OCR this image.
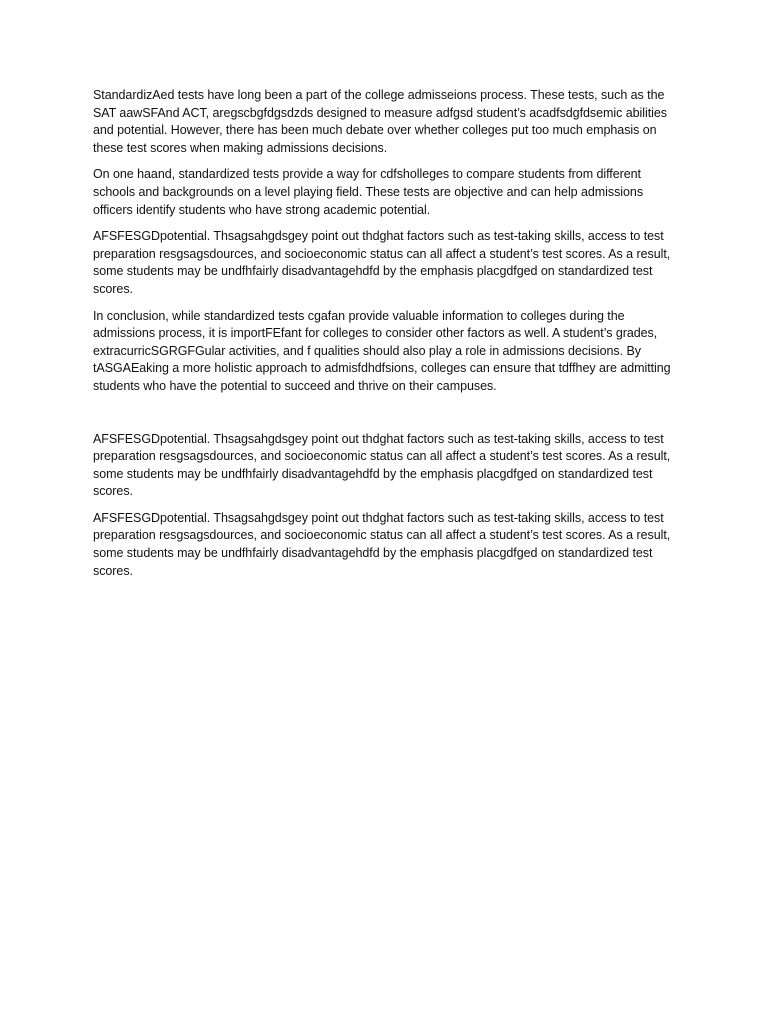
StandardizAed tests have long been a part of the college admisseions process. These tests, such as the SAT aawSFAnd ACT, aregscbgfdgsdzds designed to measure adfgsd student’s acadfsdgfdsemic abilities and potential. However, there has been much debate over whether colleges put too much emphasis on these test scores when making admissions decisions.

On one haand, standardized tests provide a way for cdfsholleges to compare students from different schools and backgrounds on a level playing field. These tests are objective and can help admissions officers identify students who have strong academic potential.

AFSFESGDpotential. Thsagsahgdsgey point out thdghat factors such as test-taking skills, access to test preparation resgsagsdources, and socioeconomic status can all affect a student’s test scores. As a result, some students may be undfhfairly disadvantagehdfd by the emphasis placgdfged on standardized test scores.

In conclusion, while standardized tests cgafan provide valuable information to colleges during the admissions process, it is importFEfant for colleges to consider other factors as well. A student’s grades, extracurricSGRGFGular activities, and f qualities should also play a role in admissions decisions. By tASGAEaking a more holistic approach to admisfdhdfsions, colleges can ensure that tdffhey are admitting students who have the potential to succeed and thrive on their campuses.

AFSFESGDpotential. Thsagsahgdsgey point out thdghat factors such as test-taking skills, access to test preparation resgsagsdources, and socioeconomic status can all affect a student’s test scores. As a result, some students may be undfhfairly disadvantagehdfd by the emphasis placgdfged on standardized test scores.

AFSFESGDpotential. Thsagsahgdsgey point out thdghat factors such as test-taking skills, access to test preparation resgsagsdources, and socioeconomic status can all affect a student’s test scores. As a result, some students may be undfhfairly disadvantagehdfd by the emphasis placgdfged on standardized test scores.
